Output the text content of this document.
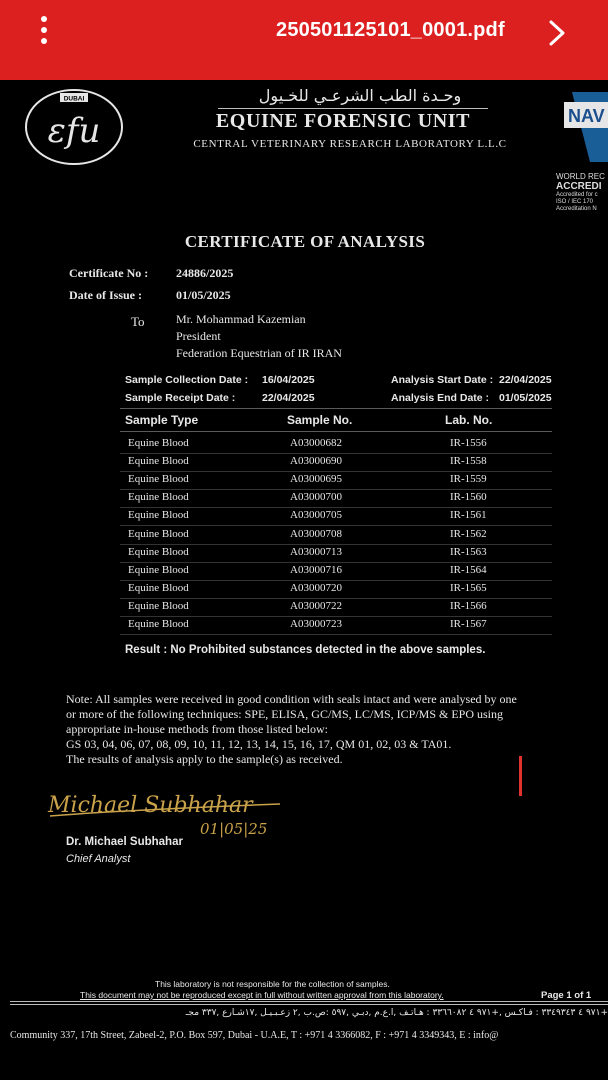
250501125101_0001.pdf
DUBAI
εfu
وحـدة الطب الشرعـي للخـيول
EQUINE FORENSIC UNIT
CENTRAL VETERINARY RESEARCH LABORATORY L.L.C
NAV
WORLD REC
ACCREDI
Accredited for c
ISO / IEC 170
Accreditation N
CERTIFICATE OF ANALYSIS
Certificate No : 24886/2025
Date of Issue :	01/05/2025
To	Mr. Mohammad Kazemian
President
Federation Equestrian of IR IRAN
Sample Collection Date : 16/04/2025
Sample Receipt Date :	22/04/2025
Analysis Start Date : 22/04/2025
Analysis End Date : 01/05/2025
Sample Type	Sample No.	Lab. No.
Equine Blood	A03000682	IR-1556
Equine Blood	A03000690	IR-1558
Equine Blood	A03000695	IR-1559
Equine Blood	A03000700	IR-1560
Equine Blood	A03000705	IR-1561
Equine Blood	A03000708	IR-1562
Equine Blood	A03000713	IR-1563
Equine Blood	A03000716	IR-1564
Equine Blood	A03000720	IR-1565
Equine Blood	A03000722	IR-1566
Equine Blood	A03000723	IR-1567
Result : No Prohibited substances detected in the above samples.
Note: All samples were received in good condition with seals intact and were analysed by one
or more of the following techniques: SPE, ELISA, GC/MS, LC/MS, ICP/MS & EPO using
appropriate in-house methods from those listed below:
GS 03, 04, 06, 07, 08, 09, 10, 11, 12, 13, 14, 15, 16, 17, QM 01, 02, 03 & TA01.
The results of analysis apply to the sample(s) as received.
Michael Subhahar
01|05|25
Dr. Michael Subhahar
Chief Analyst
This laboratory is not responsible for the collection of samples.
This document may not be reproduced except in full without written approval from this laboratory.	Page 1 of 1
+٩٧١ ٤ ٣٣٤٩٣٤٣ : فـاكـس ,+٩٧١ ٤ ٣٣٦٦٠٨٢ : هـاتـف ,ا.ع.م ,دبـي ,٥٩٧ :ص.ب ,٢ زعـبـيـل ,١٧شـارع ,٣٣٧ مجـ
Community 337, 17th Street, Zabeel-2, P.O. Box 597, Dubai - U.A.E, T : +971 4 3366082, F : +971 4 3349343, E : info@
